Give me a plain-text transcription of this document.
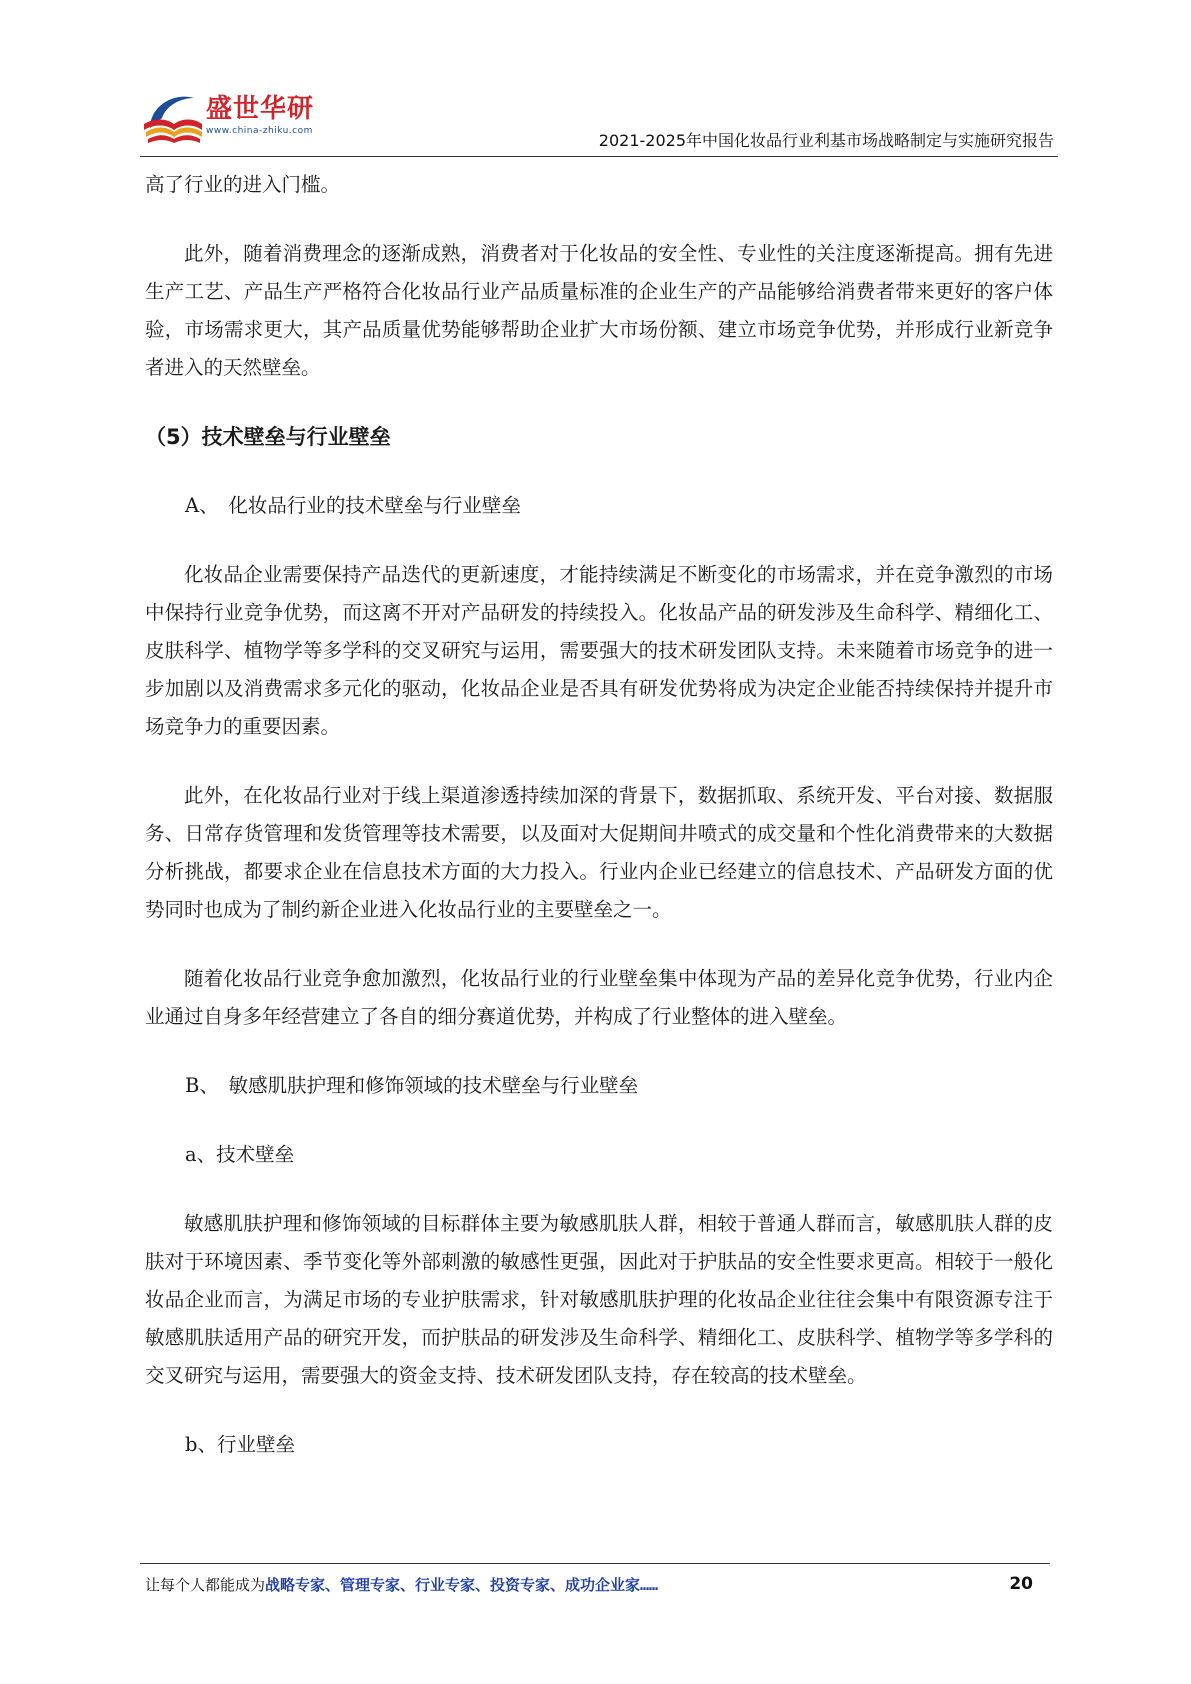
盛世华研
www.china-zhiku.com	2021-2025年中国化妆品行业利基市场战略制定与实施研究报告

高了行业的进入门槛。

此外，随着消费理念的逐渐成熟，消费者对于化妆品的安全性、专业性的关注度逐渐提高。拥有先进生产工艺、产品生产严格符合化妆品行业产品质量标准的企业生产的产品能够给消费者带来更好的客户体验，市场需求更大，其产品质量优势能够帮助企业扩大市场份额、建立市场竞争优势，并形成行业新竞争者进入的天然壁垒。

（5）技术壁垒与行业壁垒

A、　化妆品行业的技术壁垒与行业壁垒

化妆品企业需要保持产品迭代的更新速度，才能持续满足不断变化的市场需求，并在竞争激烈的市场中保持行业竞争优势，而这离不开对产品研发的持续投入。化妆品产品的研发涉及生命科学、精细化工、皮肤科学、植物学等多学科的交叉研究与运用，需要强大的技术研发团队支持。未来随着市场竞争的进一步加剧以及消费需求多元化的驱动，化妆品企业是否具有研发优势将成为决定企业能否持续保持并提升市场竞争力的重要因素。

此外，在化妆品行业对于线上渠道渗透持续加深的背景下，数据抓取、系统开发、平台对接、数据服务、日常存货管理和发货管理等技术需要，以及面对大促期间井喷式的成交量和个性化消费带来的大数据分析挑战，都要求企业在信息技术方面的大力投入。行业内企业已经建立的信息技术、产品研发方面的优势同时也成为了制约新企业进入化妆品行业的主要壁垒之一。

随着化妆品行业竞争愈加激烈，化妆品行业的行业壁垒集中体现为产品的差异化竞争优势，行业内企业通过自身多年经营建立了各自的细分赛道优势，并构成了行业整体的进入壁垒。

B、　敏感肌肤护理和修饰领域的技术壁垒与行业壁垒

a、技术壁垒

敏感肌肤护理和修饰领域的目标群体主要为敏感肌肤人群，相较于普通人群而言，敏感肌肤人群的皮肤对于环境因素、季节变化等外部刺激的敏感性更强，因此对于护肤品的安全性要求更高。相较于一般化妆品企业而言，为满足市场的专业护肤需求，针对敏感肌肤护理的化妆品企业往往会集中有限资源专注于敏感肌肤适用产品的研究开发，而护肤品的研发涉及生命科学、精细化工、皮肤科学、植物学等多学科的交叉研究与运用，需要强大的资金支持、技术研发团队支持，存在较高的技术壁垒。

b、行业壁垒

让每个人都能成为战略专家、管理专家、行业专家、投资专家、成功企业家……	20
